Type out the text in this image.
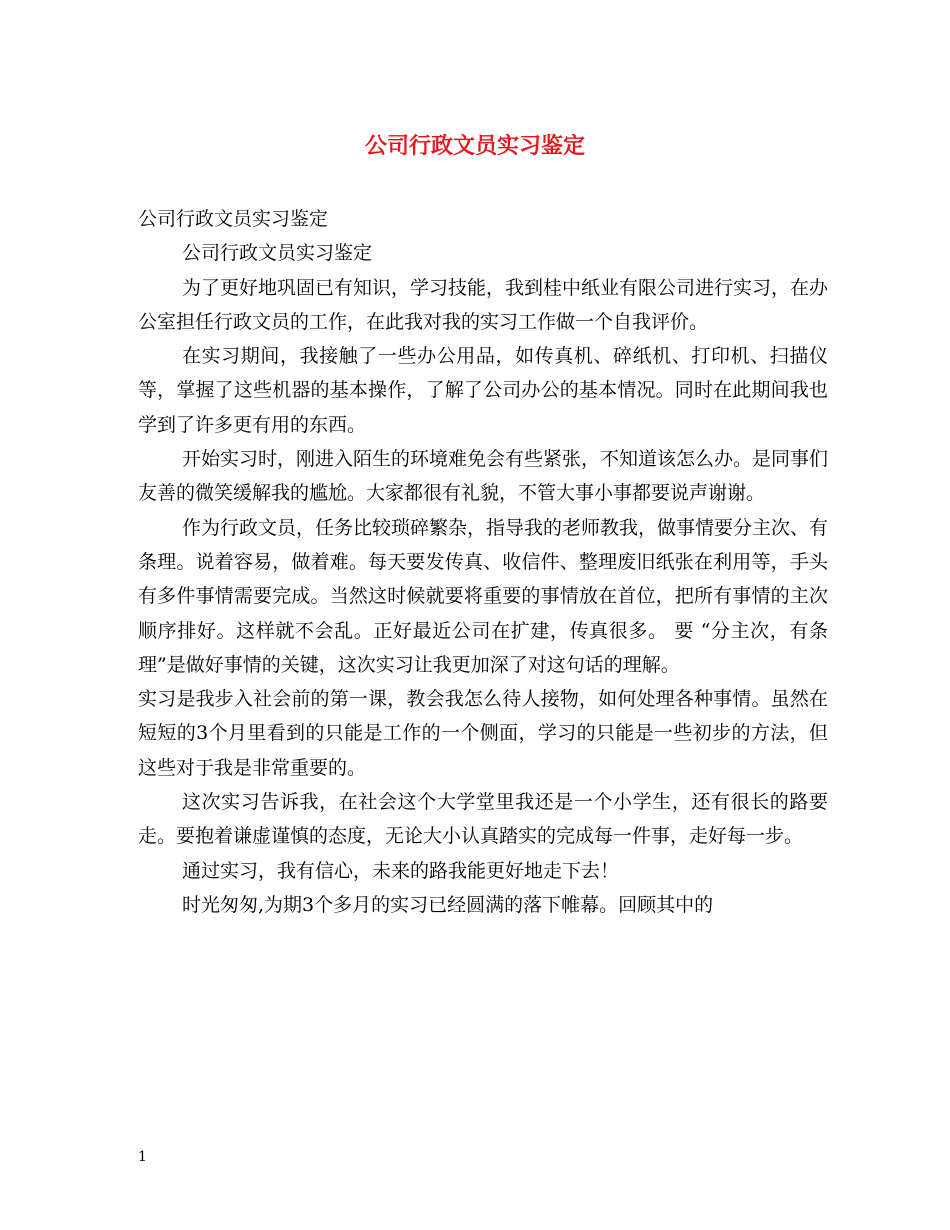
公司行政文员实习鉴定

公司行政文员实习鉴定

公司行政文员实习鉴定

为了更好地巩固已有知识，学习技能，我到桂中纸业有限公司进行实习，在办公室担任行政文员的工作，在此我对我的实习工作做一个自我评价。

在实习期间，我接触了一些办公用品，如传真机、碎纸机、打印机、扫描仪等，掌握了这些机器的基本操作，了解了公司办公的基本情况。同时在此期间我也学到了许多更有用的东西。

开始实习时，刚进入陌生的环境难免会有些紧张，不知道该怎么办。是同事们友善的微笑缓解我的尴尬。大家都很有礼貌，不管大事小事都要说声谢谢。

作为行政文员，任务比较琐碎繁杂，指导我的老师教我，做事情要分主次、有条理。说着容易，做着难。每天要发传真、收信件、整理废旧纸张在利用等，手头有多件事情需要完成。当然这时候就要将重要的事情放在首位，把所有事情的主次顺序排好。这样就不会乱。正好最近公司在扩建，传真很多。 要 “分主次，有条理”是做好事情的关键，这次实习让我更加深了对这句话的理解。

实习是我步入社会前的第一课，教会我怎么待人接物，如何处理各种事情。虽然在短短的3个月里看到的只能是工作的一个侧面，学习的只能是一些初步的方法，但这些对于我是非常重要的。

这次实习告诉我，在社会这个大学堂里我还是一个小学生，还有很长的路要走。要抱着谦虚谨慎的态度，无论大小认真踏实的完成每一件事，走好每一步。

通过实习，我有信心，未来的路我能更好地走下去！

时光匆匆,为期3个多月的实习已经圆满的落下帷幕。回顾其中的

1
